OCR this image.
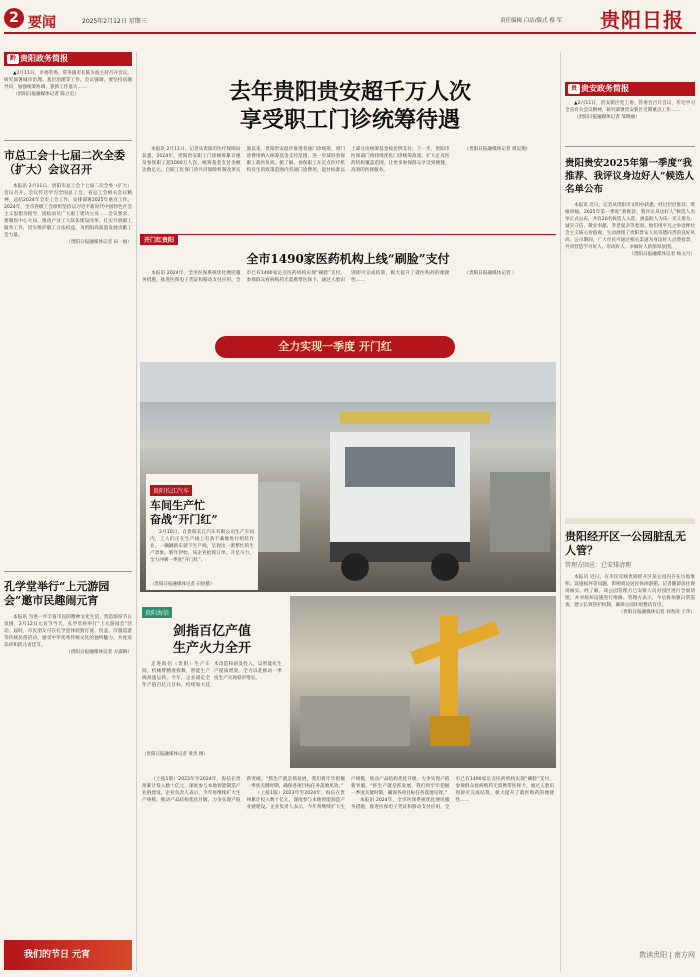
2 要闻	2025年2月12日 星期三	责任编辑 白洁/版式 蔡 军 贵阳日报
黔 贵阳政务简报

▲2月11日，市委常委、常务副市长陈少波主持召开会议，研究部署城市治理、基层治理等工作。会议强调，要坚持问题导向，加强统筹协调，狠抓工作落实……

（贵阳日报融媒体记者 陈立宏）

市总工会十七届二次全委（扩大）会议召开

本报讯 2月11日，贵阳市总工会十七届二次全委（扩大）会议召开。会议传达学习全国总工会、省总工会相关会议精神，总结2024年全市工会工作，安排部署2025年重点工作。2024年，全市各级工会组织坚持以习近平新时代中国特色社会主义思想为指导，团结动员广大职工建功立业……会议要求，要聚焦中心大局，推动产业工人队伍建设改革，扎实开展职工服务工作，切实维护职工合法权益，为贵阳高质量发展贡献工会力量。

（贵阳日报融媒体记者 田一丽）

孔学堂举行“上元游园会”邀市民趣闹元宵

本报讯 为进一步丰富市民的精神文化生活，营造浓厚节日氛围，2月12日元宵节当天，孔学堂将举行“上元游园会”活动。届时，市民朋友可在孔学堂体验猜灯谜、投壶、汉服巡游等传统民俗活动，感受中华优秀传统文化的独特魅力，共度欢乐祥和的元宵佳节。

（贵阳日报融媒体记者 方露舞）

我们的节日 元宵
去年贵阳贵安超千万人次
享受职工门诊统筹待遇

本报讯 2月11日，记者从贵阳市医疗保障局获悉，2024年，贵阳贵安职工门诊统筹累计惠及参保职工超1000万人次，统筹基金支付金额达数亿元。自职工医保门诊共济保障机制改革实施以来，贵阳贵安稳步推进普通门诊统筹，将门诊费用纳入统筹基金支付范围，进一步减轻参保职工就医负担。据了解，参保职工在定点医疗机构发生的政策范围内普通门诊费用，起付标准以上部分由统筹基金按比例支付。下一步，贵阳市医保部门将持续优化门诊统筹政策，扩大定点医药机构覆盖范围，让更多参保群众享受到便捷、高效的医保服务。

（贵阳日报融媒体记者 周运翔）

贵 贵安政务简报

▲2月11日，贵安新区党工委、管委会召开会议，传达学习全省有关会议精神，研究部署贵安新区近期重点工作……

（贵阳日报融媒体记者 邹晓丽）

贵阳贵安2025年第一季度“我推荐、我评议身边好人”候选人名单公布

本报讯 近日，记者从贵阳市文明办获悉，经过层层推荐、资格审核，2025年第一季度“我推荐、我评议身边好人”候选人名单正式公布，共有20名候选人入选，涵盖助人为乐、见义勇为、诚实守信、敬业奉献、孝老爱亲等类别。他们用平凡之举诠释社会主义核心价值观，生动展现了贵阳贵安人民崇德向善的良好风尚。公示期间，广大市民可通过相关渠道为身边好人点赞投票，共同营造学习好人、崇尚好人、争做好人的浓厚氛围。

（贵阳日报融媒体记者 杨文月）

贵阳经开区一公园脏乱无人管？
管理方回应：已安排清理

本报讯 近日，有市民反映贵阳经开区某公园内存在垃圾堆积、设施损坏等问题，影响周边居民休闲游憩。记者随即前往现场核实。经了解，该公园管理方已安排人员对园区进行全面清理，并对损坏设施进行维修。管理方表示，今后将加强日常巡查，建立长效管护机制，确保公园环境整洁有序。

（贵阳日报融媒体记者 刘秀涛 王华）

数读贵阳 | 南方网
开门红贵阳
全市1490家医药机构上线“刷脸”支付

本报讯 2024年，全市医保系统优化便民服务措施，推进医保电子凭证和移动支付应用，全市已有1490家定点医药机构实现“刷脸”支付，参保群众看病购药无需携带医保卡，通过人脸识别即可完成结算，极大提升了就医购药的便捷性……

（贵阳日报融媒体记者 ）

全力实现一季度 开门红
贵阳长江汽车
车间生产忙
奋战“开门红”

2月10日，在贵阳长江汽车有限公司生产车间内，工人们正在生产线上有条不紊地进行组装作业，一辆辆新车驶下生产线，呈现出一派繁忙的生产景象。新年伊始，该企业抢抓订单、开足马力，全力冲刺一季度“开门红”。

（贵阳日报融媒体记者 石恒摄）
贵阳海信
剑指百亿产值
生产火力全开

走进海信（贵阳）生产车间，机械臂精准挥舞，智能生产线高速运转。今年，企业锚定全年产值百亿元目标，持续加大技术改造和研发投入，以智能化生产提质增效，全力以赴推动一季度生产实现稳步增长。

（贵阳日报融媒体记者 黄善 摄）

（上接1版）2023年至2024年，海信在贵州累计投入数十亿元，深度参与本地智能制造产业链建设。企业负责人表示，今年将继续扩大生产规模，推动产品结构优化升级，力争实现产值新突破。“抓生产就是抓发展，我们将牢牢把握一季度关键时期，确保各项目标任务落地见效。”

（上接1版）2023年至2024年，海信在贵州累计投入数十亿元，深度参与本地智能制造产业链建设。企业负责人表示，今年将继续扩大生产规模，推动产品结构优化升级，力争实现产值新突破。“抓生产就是抓发展，我们将牢牢把握一季度关键时期，确保各项目标任务落地见效。”

本报讯 2024年，全市医保系统优化便民服务措施，推进医保电子凭证和移动支付应用，全市已有1490家定点医药机构实现“刷脸”支付，参保群众看病购药无需携带医保卡，通过人脸识别即可完成结算，极大提升了就医购药的便捷性……
